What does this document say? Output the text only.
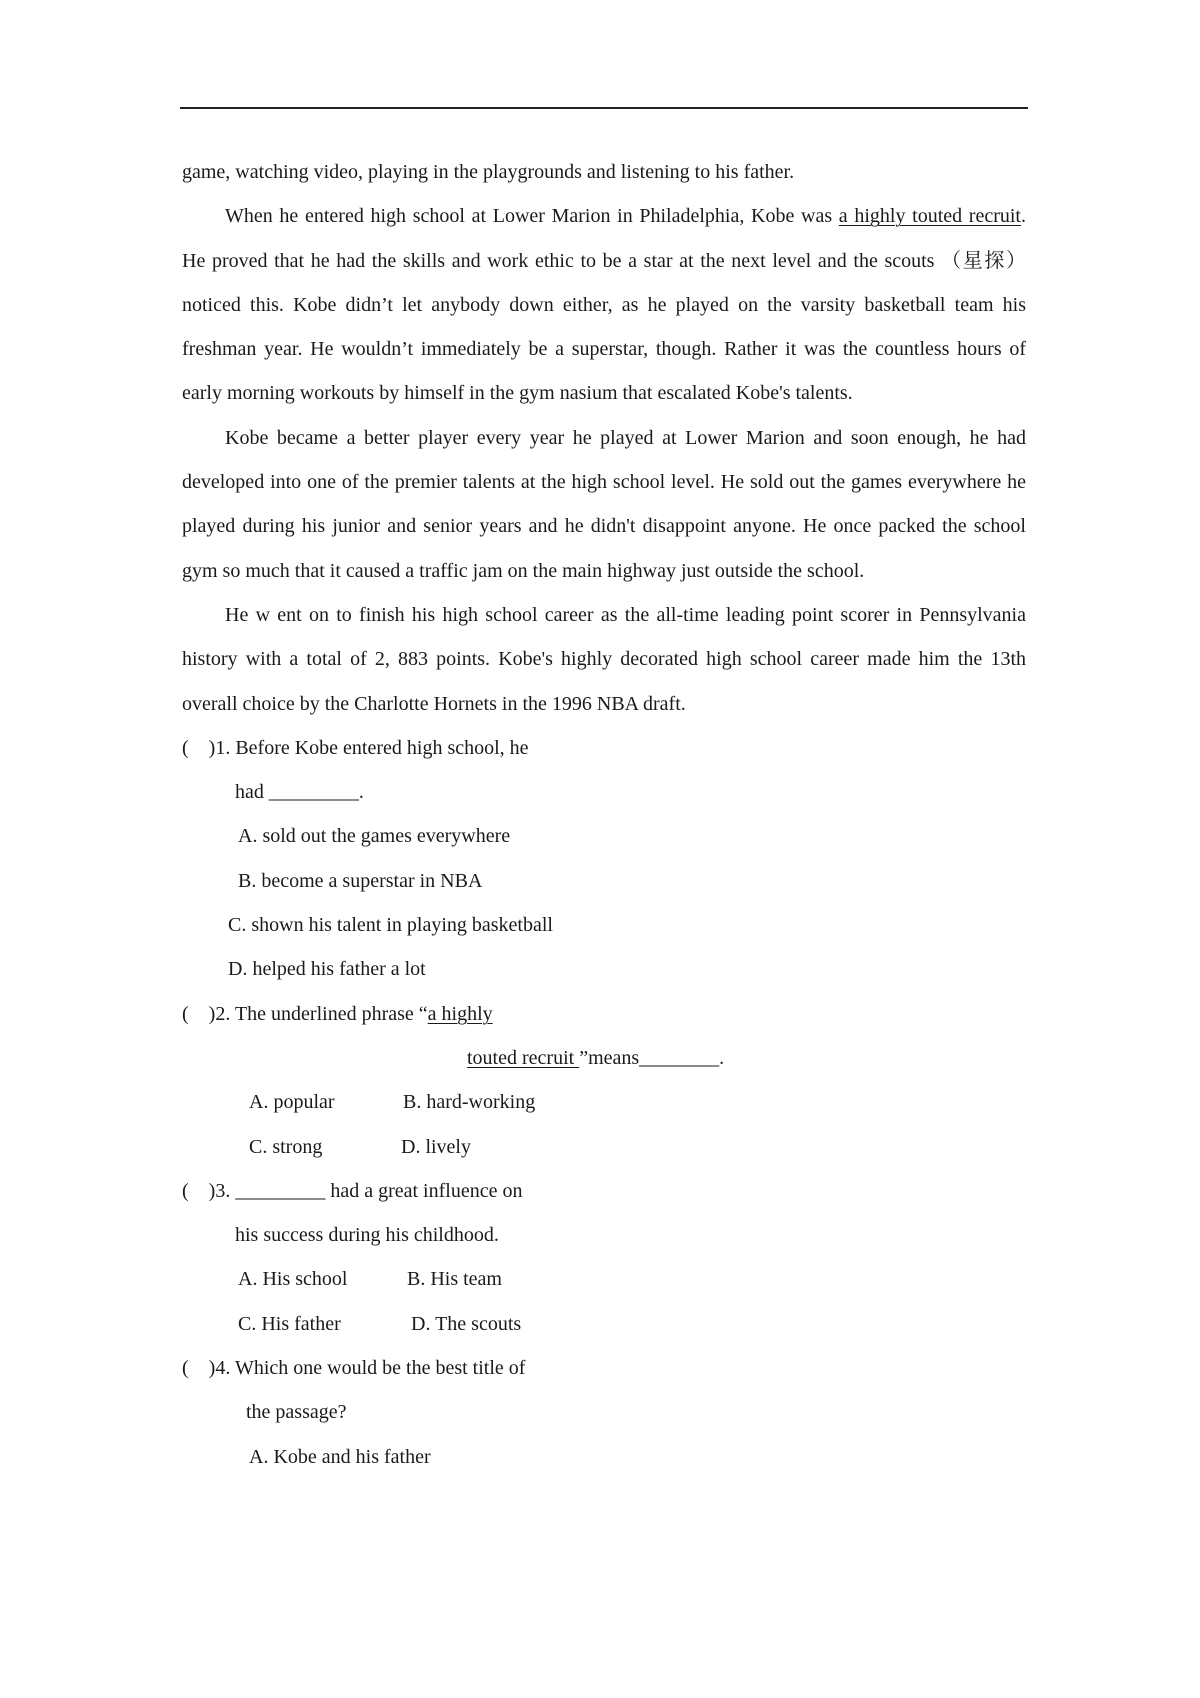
game, watching video, playing in the playgrounds and listening to his father.

When he entered high school at Lower Marion in Philadelphia, Kobe was a highly touted recruit. He proved that he had the skills and work ethic to be a star at the next level and the scouts （星探）noticed this. Kobe didn’t let anybody down either, as he played on the varsity basketball team his freshman year. He wouldn’t immediately be a superstar, though. Rather it was the countless hours of early morning workouts by himself in the gym nasium that escalated Kobe's talents.

Kobe became a better player every year he played at Lower Marion and soon enough, he had developed into one of the premier talents at the high school level. He sold out the games everywhere he played during his junior and senior years and he didn't disappoint anyone. He once packed the school gym so much that it caused a traffic jam on the main highway just outside the school.

He w ent on to finish his high school career as the all-time leading point scorer in Pennsylvania history with a total of 2, 883 points. Kobe's highly decorated high school career made him the 13th overall choice by the Charlotte Hornets in the 1996 NBA draft.

(    )1. Before Kobe entered high school, he

had _________.

A. sold out the games everywhere

B. become a superstar in NBA

C. shown his talent in playing basketball

D. helped his father a lot

(    )2. The underlined phrase “a highly

touted recruit ”means________.

A. popular	B. hard-working

C. strong	D. lively

(    )3. _________ had a great influence on

his success during his childhood.

A. His school	B. His team

C. His father	D. The scouts

(    )4. Which one would be the best title of

the passage?

A. Kobe and his father
